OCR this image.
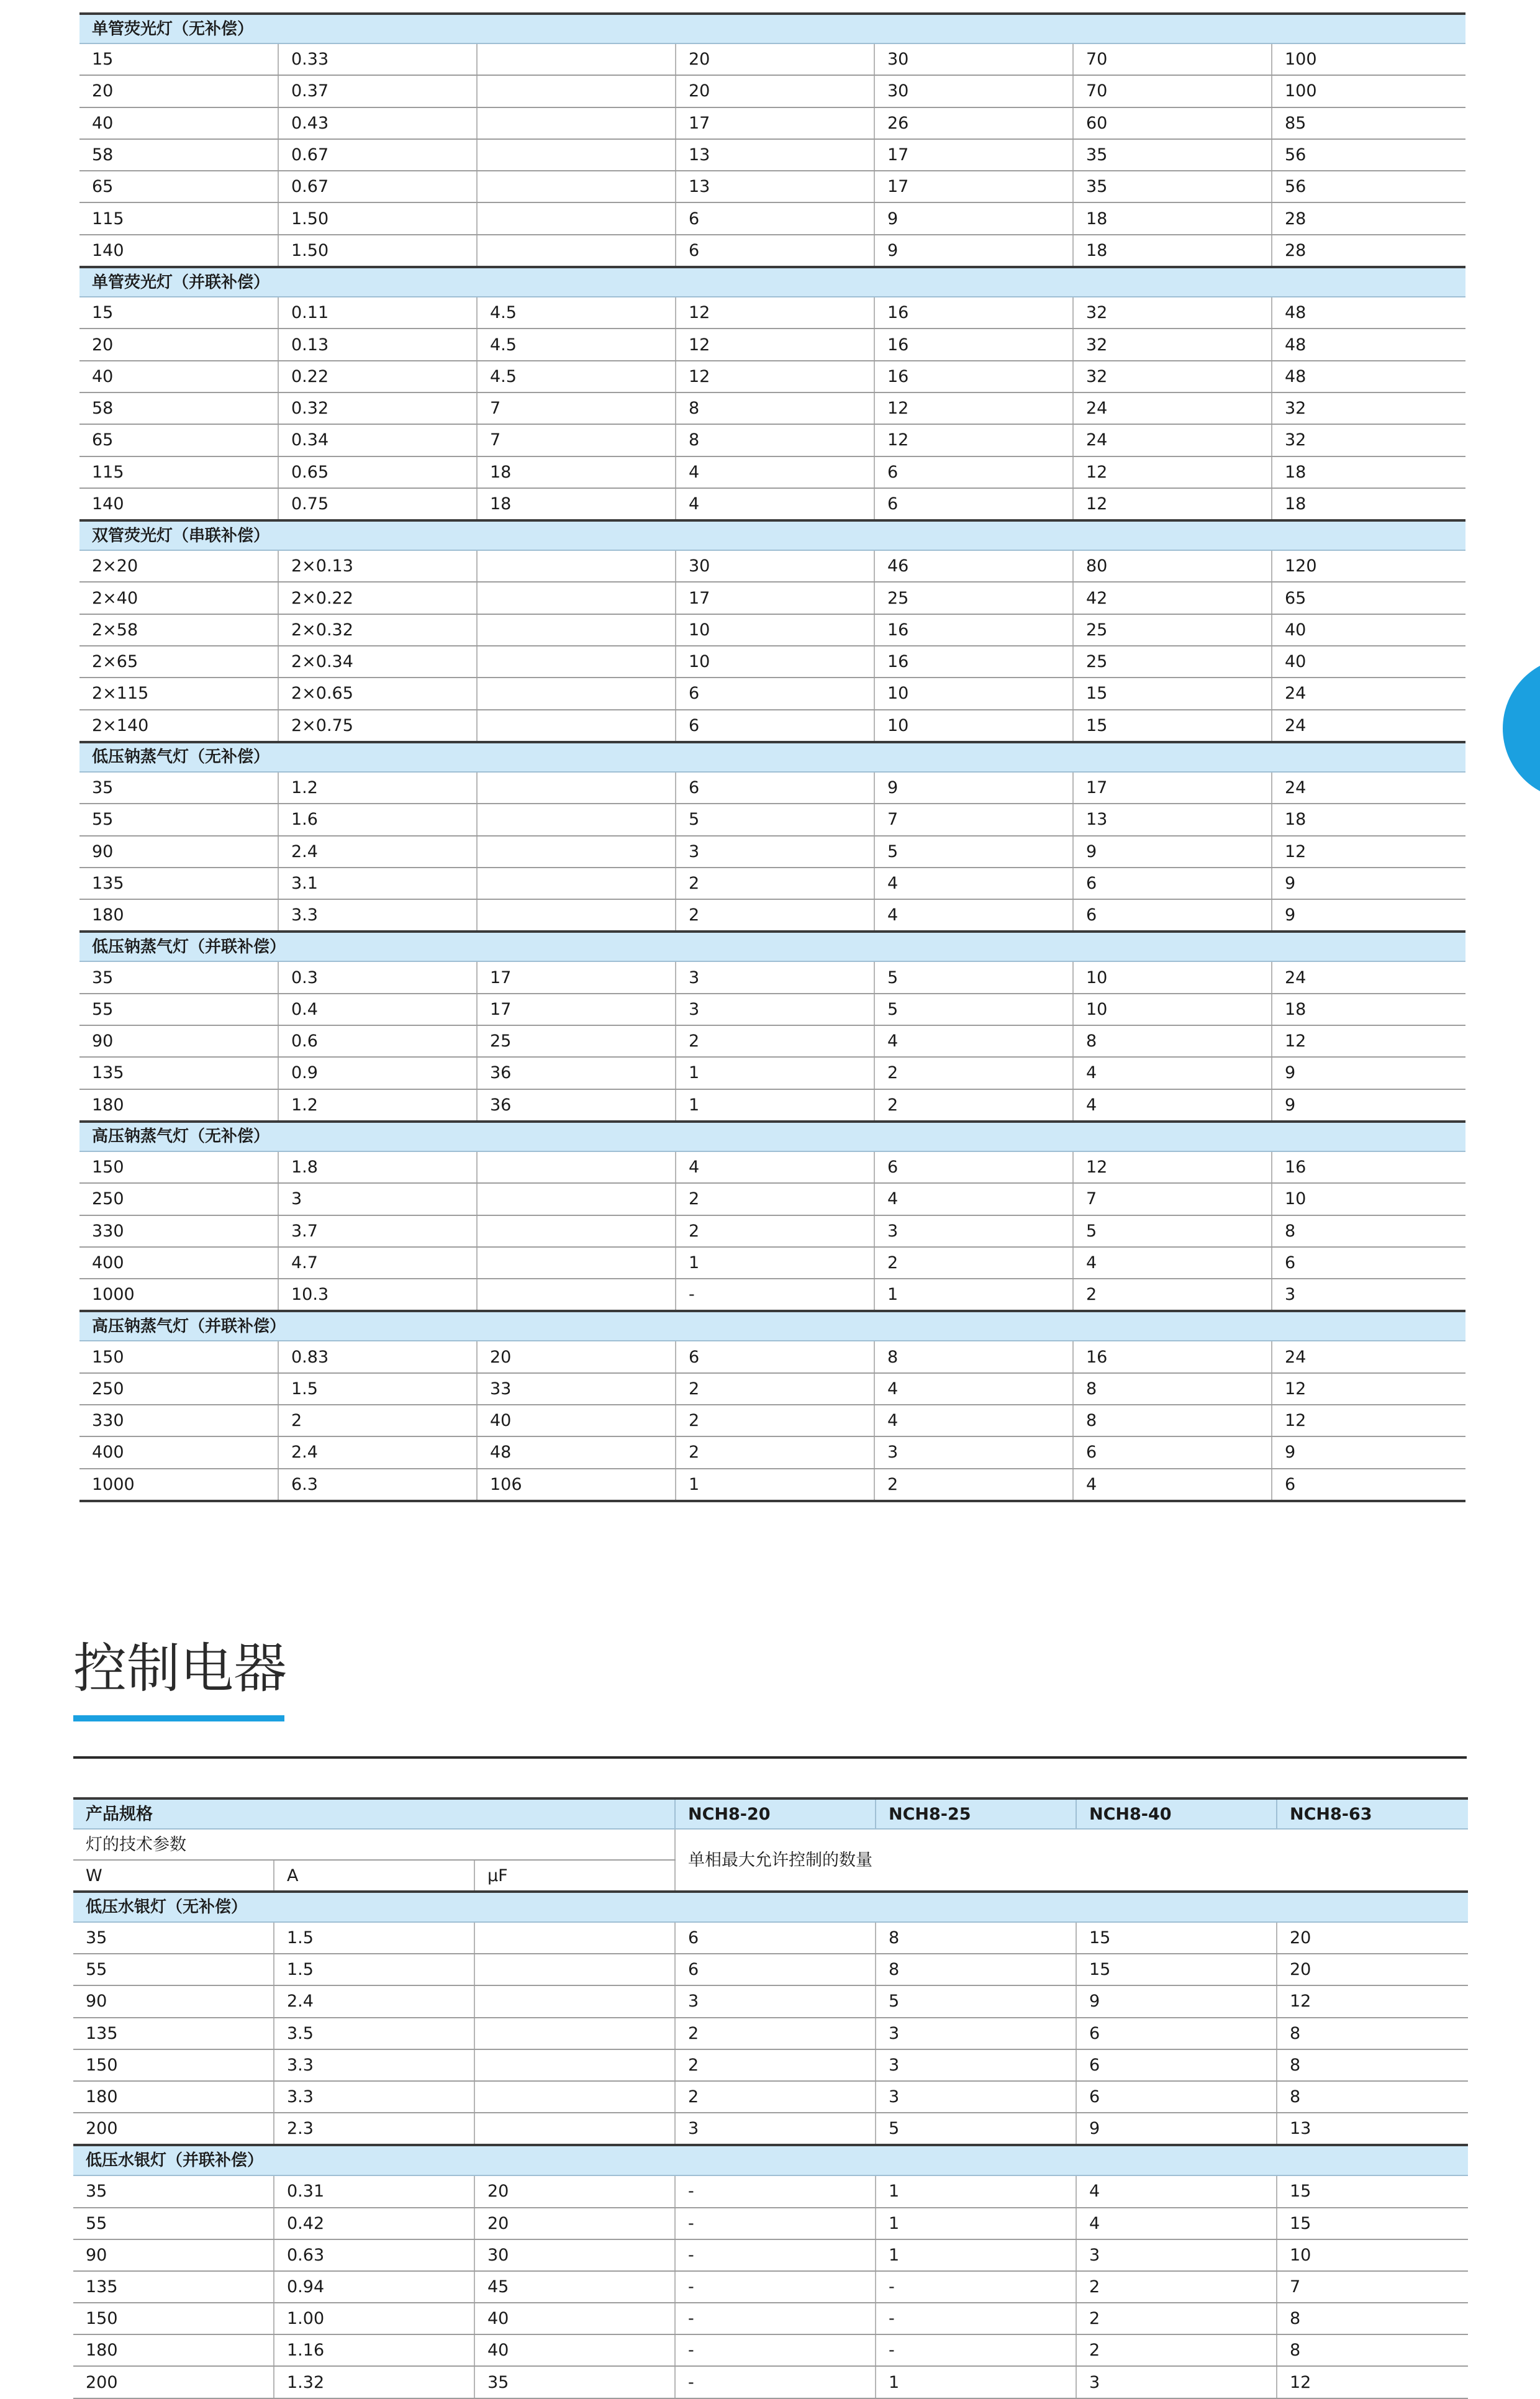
单管荧光灯（无补偿）						
15	0.33		20	30	70	100
20	0.37		20	30	70	100
40	0.43		17	26	60	85
58	0.67		13	17	35	56
65	0.67		13	17	35	56
115	1.50		6	9	18	28
140	1.50		6	9	18	28
单管荧光灯（并联补偿）						
15	0.11	4.5	12	16	32	48
20	0.13	4.5	12	16	32	48
40	0.22	4.5	12	16	32	48
58	0.32	7	8	12	24	32
65	0.34	7	8	12	24	32
115	0.65	18	4	6	12	18
140	0.75	18	4	6	12	18
双管荧光灯（串联补偿）						
2×20	2×0.13		30	46	80	120
2×40	2×0.22		17	25	42	65
2×58	2×0.32		10	16	25	40
2×65	2×0.34		10	16	25	40
2×115	2×0.65		6	10	15	24
2×140	2×0.75		6	10	15	24
低压钠蒸气灯（无补偿）						
35	1.2		6	9	17	24
55	1.6		5	7	13	18
90	2.4		3	5	9	12
135	3.1		2	4	6	9
180	3.3		2	4	6	9
低压钠蒸气灯（并联补偿）						
35	0.3	17	3	5	10	24
55	0.4	17	3	5	10	18
90	0.6	25	2	4	8	12
135	0.9	36	1	2	4	9
180	1.2	36	1	2	4	9
高压钠蒸气灯（无补偿）						
150	1.8		4	6	12	16
250	3		2	4	7	10
330	3.7		2	3	5	8
400	4.7		1	2	4	6
1000	10.3		-	1	2	3
高压钠蒸气灯（并联补偿）						
150	0.83	20	6	8	16	24
250	1.5	33	2	4	8	12
330	2	40	2	4	8	12
400	2.4	48	2	3	6	9
1000	6.3	106	1	2	4	6
控制电器
产品规格			NCH8-20	NCH8-25	NCH8-40	NCH8-63
灯的技术参数			单相最大允许控制的数量			
W	A	μF				
低压水银灯（无补偿）						
35	1.5		6	8	15	20
55	1.5		6	8	15	20
90	2.4		3	5	9	12
135	3.5		2	3	6	8
150	3.3		2	3	6	8
180	3.3		2	3	6	8
200	2.3		3	5	9	13
低压水银灯（并联补偿）						
35	0.31	20	-	1	4	15
55	0.42	20	-	1	4	15
90	0.63	30	-	1	3	10
135	0.94	45	-	-	2	7
150	1.00	40	-	-	2	8
180	1.16	40	-	-	2	8
200	1.32	35	-	1	3	12
